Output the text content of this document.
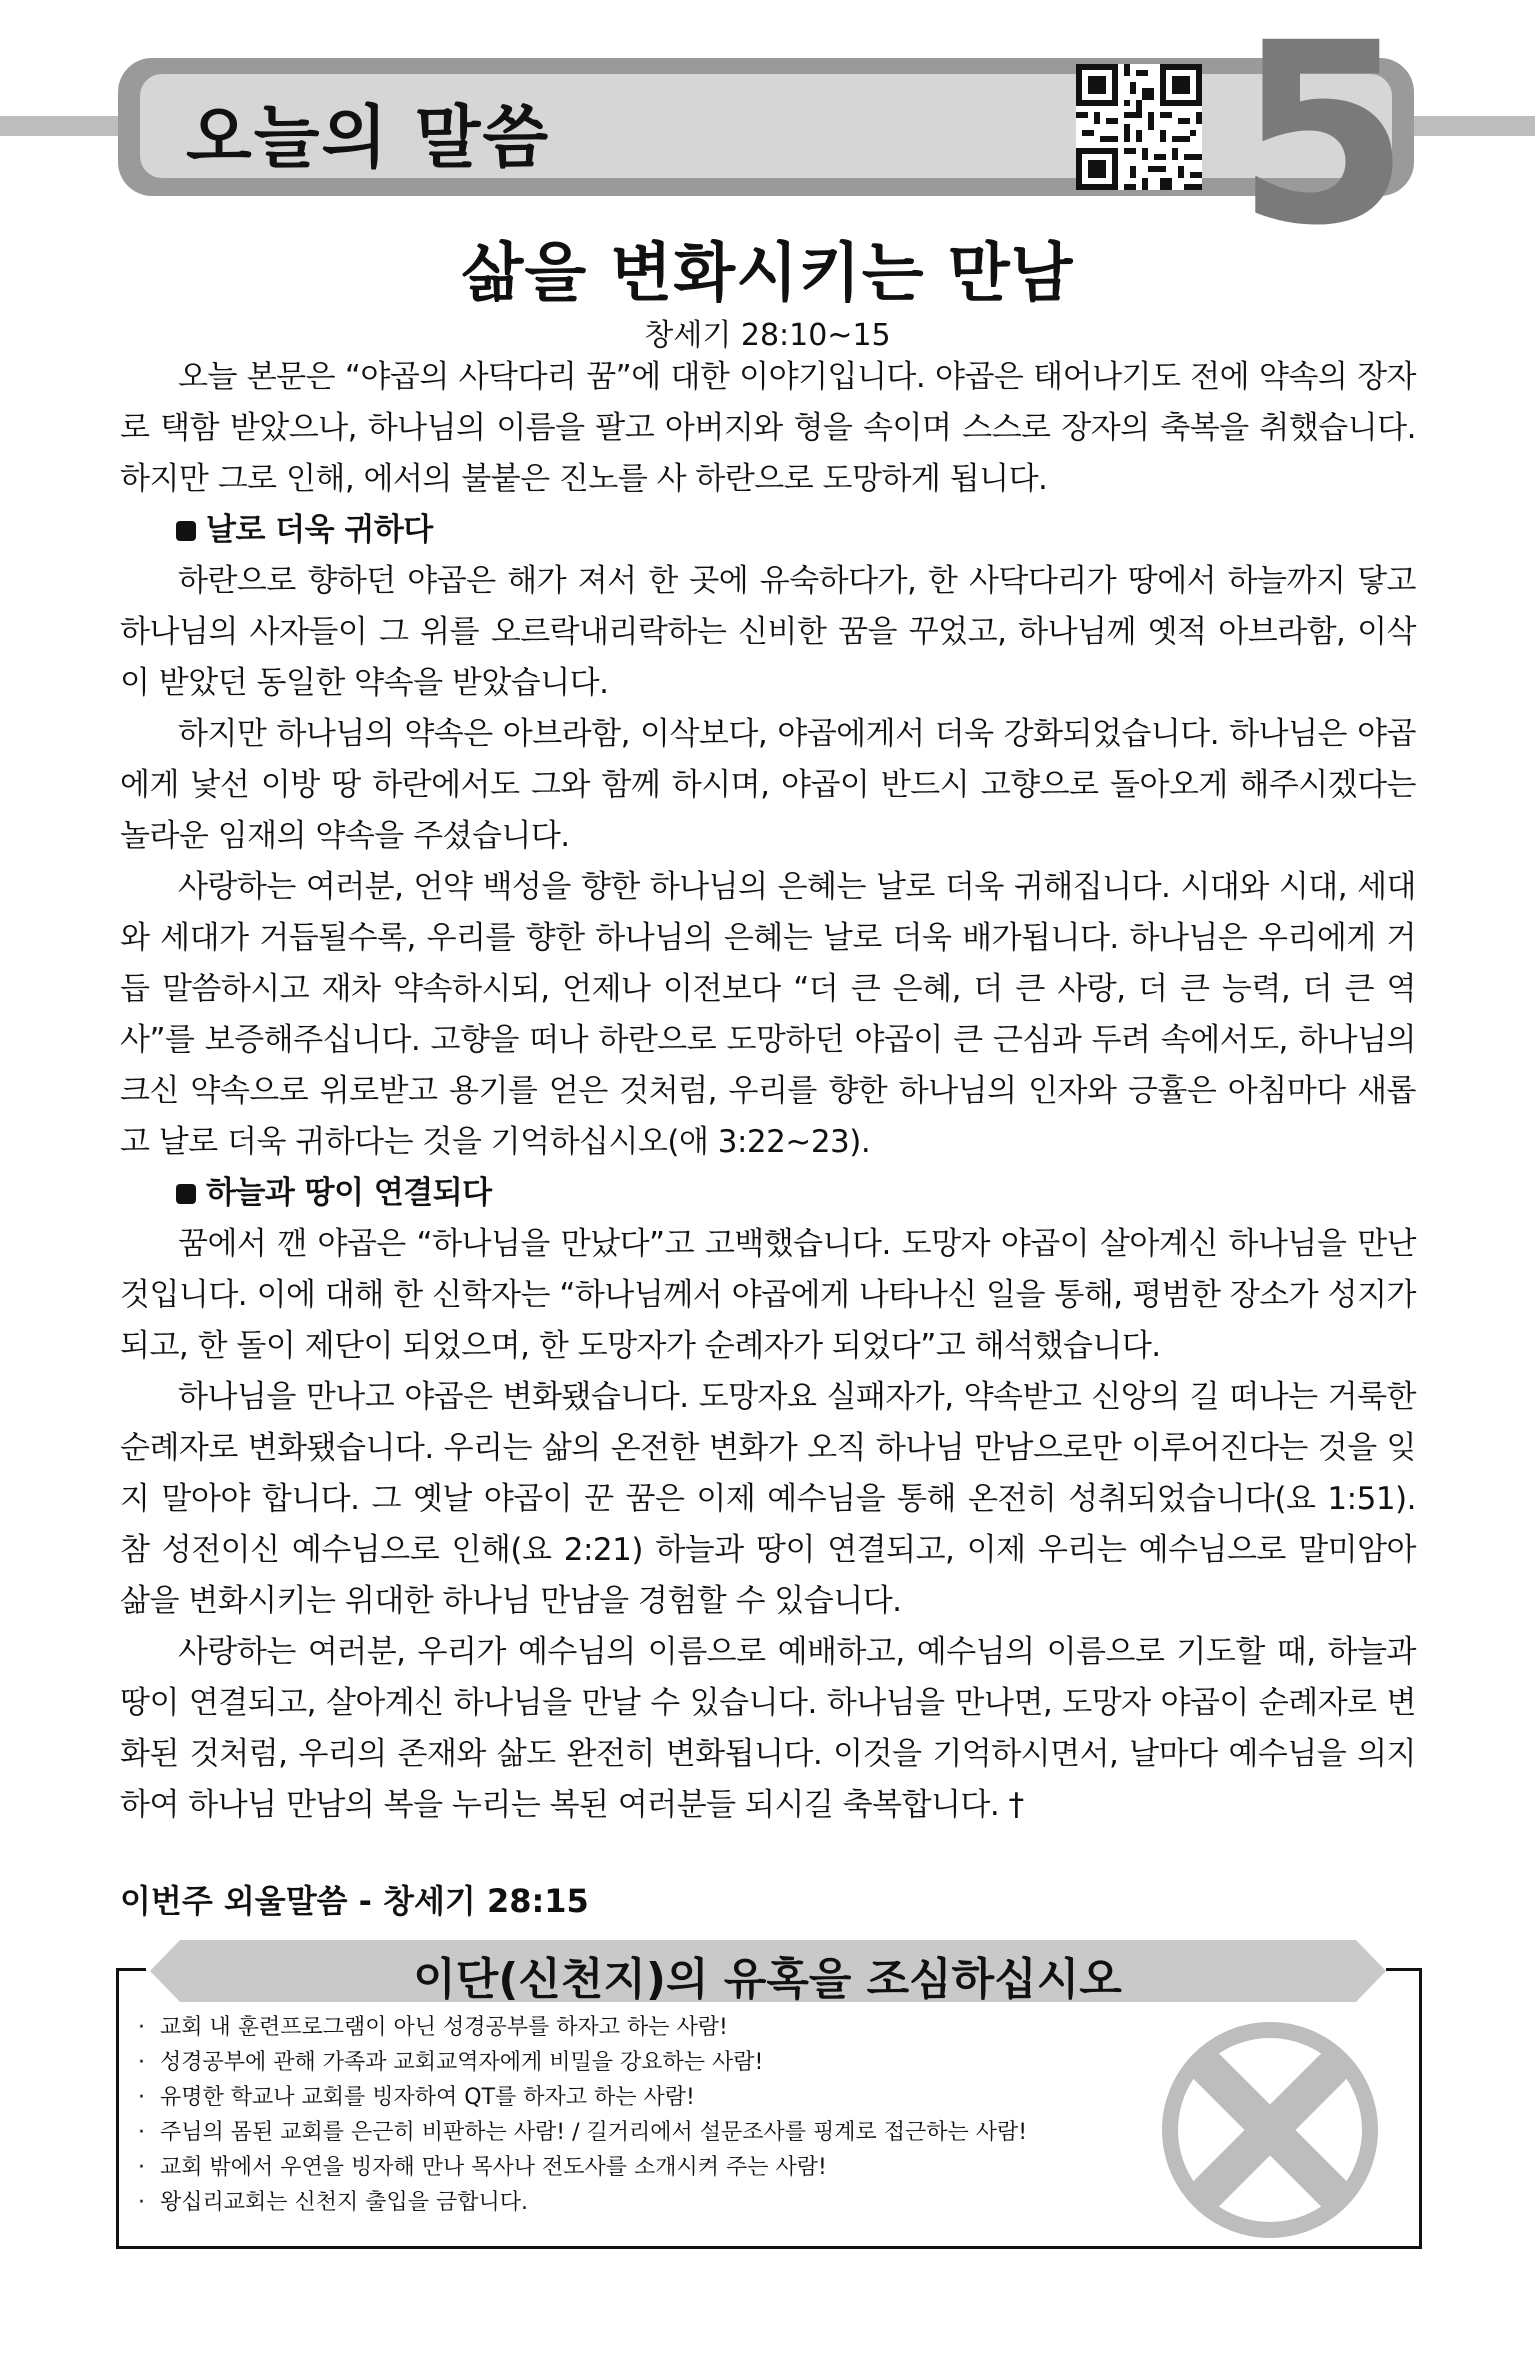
오늘의 말씀	5
삶을 변화시키는 만남
창세기 28:10~15

오늘 본문은 “야곱의 사닥다리 꿈”에 대한 이야기입니다. 야곱은 태어나기도 전에 약속의 장자로 택함 받았으나, 하나님의 이름을 팔고 아버지와 형을 속이며 스스로 장자의 축복을 취했습니다. 하지만 그로 인해, 에서의 불붙은 진노를 사 하란으로 도망하게 됩니다.

날로 더욱 귀하다

하란으로 향하던 야곱은 해가 져서 한 곳에 유숙하다가, 한 사닥다리가 땅에서 하늘까지 닿고 하나님의 사자들이 그 위를 오르락내리락하는 신비한 꿈을 꾸었고, 하나님께 옛적 아브라함, 이삭이 받았던 동일한 약속을 받았습니다.

하지만 하나님의 약속은 아브라함, 이삭보다, 야곱에게서 더욱 강화되었습니다. 하나님은 야곱에게 낯선 이방 땅 하란에서도 그와 함께 하시며, 야곱이 반드시 고향으로 돌아오게 해주시겠다는 놀라운 임재의 약속을 주셨습니다.

사랑하는 여러분, 언약 백성을 향한 하나님의 은혜는 날로 더욱 귀해집니다. 시대와 시대, 세대와 세대가 거듭될수록, 우리를 향한 하나님의 은혜는 날로 더욱 배가됩니다. 하나님은 우리에게 거듭 말씀하시고 재차 약속하시되, 언제나 이전보다 “더 큰 은혜, 더 큰 사랑, 더 큰 능력, 더 큰 역사”를 보증해주십니다. 고향을 떠나 하란으로 도망하던 야곱이 큰 근심과 두려 속에서도, 하나님의 크신 약속으로 위로받고 용기를 얻은 것처럼, 우리를 향한 하나님의 인자와 긍휼은 아침마다 새롭고 날로 더욱 귀하다는 것을 기억하십시오(애 3:22~23).

하늘과 땅이 연결되다

꿈에서 깬 야곱은 “하나님을 만났다”고 고백했습니다. 도망자 야곱이 살아계신 하나님을 만난 것입니다. 이에 대해 한 신학자는 “하나님께서 야곱에게 나타나신 일을 통해, 평범한 장소가 성지가 되고, 한 돌이 제단이 되었으며, 한 도망자가 순례자가 되었다”고 해석했습니다.

하나님을 만나고 야곱은 변화됐습니다. 도망자요 실패자가, 약속받고 신앙의 길 떠나는 거룩한 순례자로 변화됐습니다. 우리는 삶의 온전한 변화가 오직 하나님 만남으로만 이루어진다는 것을 잊지 말아야 합니다. 그 옛날 야곱이 꾼 꿈은 이제 예수님을 통해 온전히 성취되었습니다(요 1:51). 참 성전이신 예수님으로 인해(요 2:21) 하늘과 땅이 연결되고, 이제 우리는 예수님으로 말미암아 삶을 변화시키는 위대한 하나님 만남을 경험할 수 있습니다.

사랑하는 여러분, 우리가 예수님의 이름으로 예배하고, 예수님의 이름으로 기도할 때, 하늘과 땅이 연결되고, 살아계신 하나님을 만날 수 있습니다. 하나님을 만나면, 도망자 야곱이 순례자로 변화된 것처럼, 우리의 존재와 삶도 완전히 변화됩니다. 이것을 기억하시면서, 날마다 예수님을 의지하여 하나님 만남의 복을 누리는 복된 여러분들 되시길 축복합니다. †

이번주 외울말씀 - 창세기 28:15
이단(신천지)의 유혹을 조심하십시오
· 교회 내 훈련프로그램이 아닌 성경공부를 하자고 하는 사람!
· 성경공부에 관해 가족과 교회교역자에게 비밀을 강요하는 사람!
· 유명한 학교나 교회를 빙자하여 QT를 하자고 하는 사람!
· 주님의 몸된 교회를 은근히 비판하는 사람! / 길거리에서 설문조사를 핑계로 접근하는 사람!
· 교회 밖에서 우연을 빙자해 만나 목사나 전도사를 소개시켜 주는 사람!
· 왕십리교회는 신천지 출입을 금합니다.
